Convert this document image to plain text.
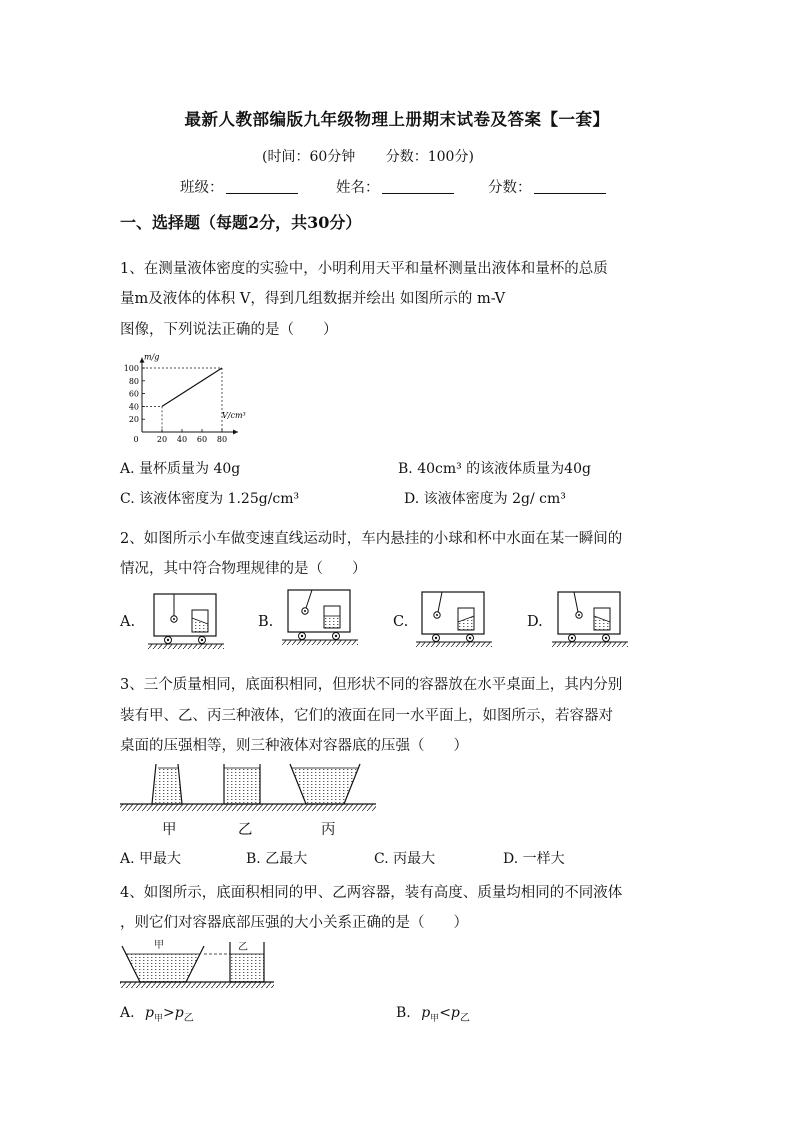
最新人教部编版九年级物理上册期末试卷及答案【一套】
(时间：60分钟 分数：100分)
班级：	姓名：	分数：
一、选择题（每题2分，共30分）
1、在测量液体密度的实验中，小明利用天平和量杯测量出液体和量杯的总质
量m及液体的体积 V，得到几组数据并绘出 如图所示的 m-V
图像，下列说法正确的是（　　）
20
40
60
80
100
0 20 40 60 80
m/g
V/cm³
A. 量杯质量为 40g	B. 40cm³ 的该液体质量为40g
C. 该液体密度为 1.25g/cm³	D. 该液体密度为 2g/ cm³
2、如图所示小车做变速直线运动时，车内悬挂的小球和杯中水面在某一瞬间的
情况，其中符合物理规律的是（　　）
A.	B.	C.	D.
3、三个质量相同，底面积相同，但形状不同的容器放在水平桌面上，其内分别
装有甲、乙、丙三种液体，它们的液面在同一水平面上，如图所示，若容器对
桌面的压强相等，则三种液体对容器底的压强（　　）
甲	乙	丙
A. 甲最大	B. 乙最大	C. 丙最大	D. 一样大
4、如图所示，底面积相同的甲、乙两容器，装有高度、质量均相同的不同液体
，则它们对容器底部压强的大小关系正确的是（　　）
甲	乙
A. $p_甲>p_乙$	B. $p_甲<p_乙$
